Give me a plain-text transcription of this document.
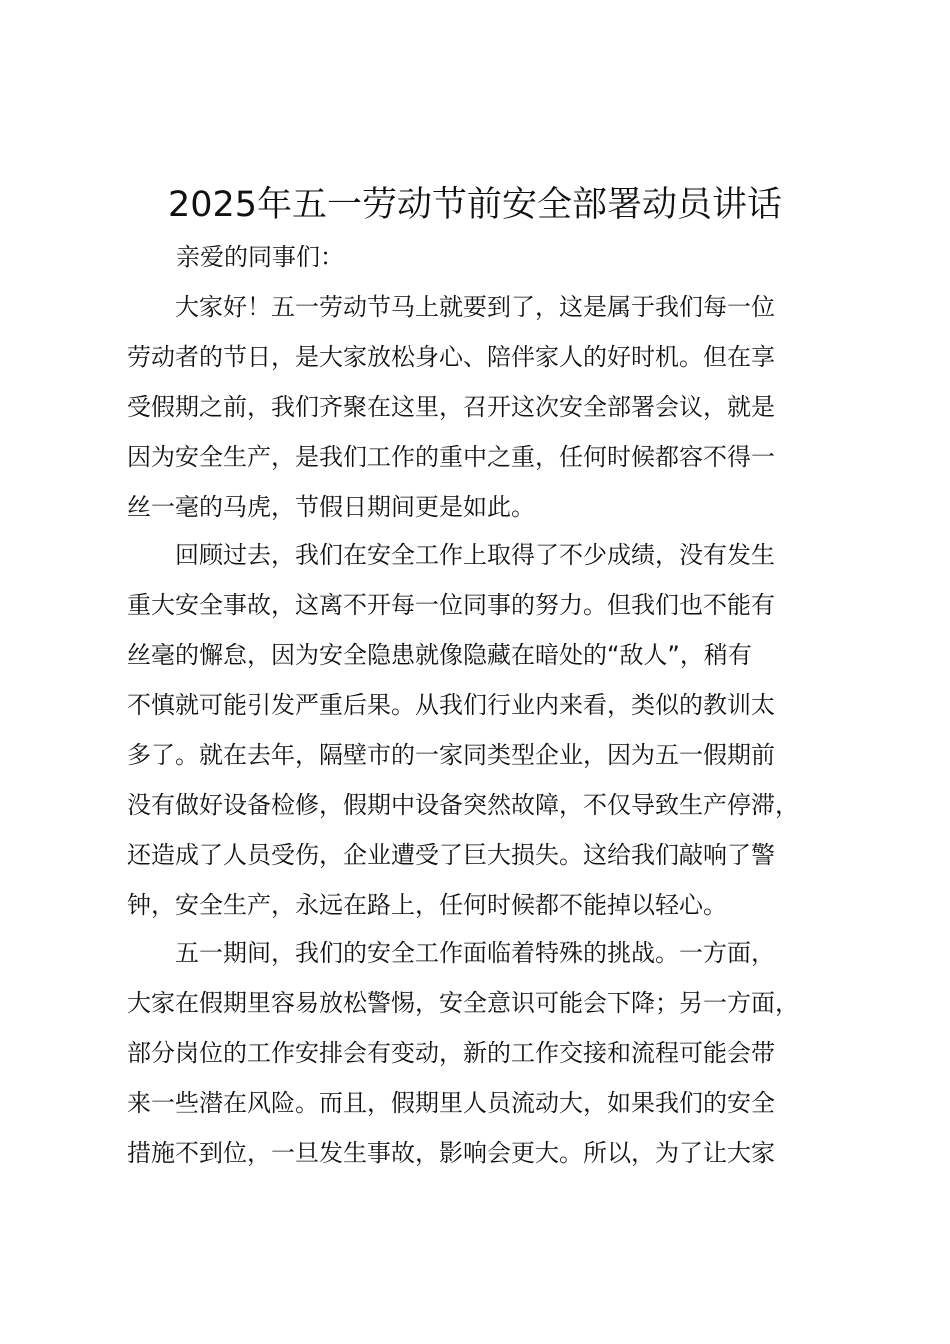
2025年五一劳动节前安全部署动员讲话

亲爱的同事们：

　　大家好！五一劳动节马上就要到了，这是属于我们每一位

劳动者的节日，是大家放松身心、陪伴家人的好时机。但在享

受假期之前，我们齐聚在这里，召开这次安全部署会议，就是

因为安全生产，是我们工作的重中之重，任何时候都容不得一

丝一毫的马虎，节假日期间更是如此。

　　回顾过去，我们在安全工作上取得了不少成绩，没有发生

重大安全事故，这离不开每一位同事的努力。但我们也不能有

丝毫的懈怠，因为安全隐患就像隐藏在暗处的“敌人”，稍有

不慎就可能引发严重后果。从我们行业内来看，类似的教训太

多了。就在去年，隔壁市的一家同类型企业，因为五一假期前

没有做好设备检修，假期中设备突然故障，不仅导致生产停滞，

还造成了人员受伤，企业遭受了巨大损失。这给我们敲响了警

钟，安全生产，永远在路上，任何时候都不能掉以轻心。

　　五一期间，我们的安全工作面临着特殊的挑战。一方面，

大家在假期里容易放松警惕，安全意识可能会下降；另一方面，

部分岗位的工作安排会有变动，新的工作交接和流程可能会带

来一些潜在风险。而且，假期里人员流动大，如果我们的安全

措施不到位，一旦发生事故，影响会更大。所以，为了让大家
